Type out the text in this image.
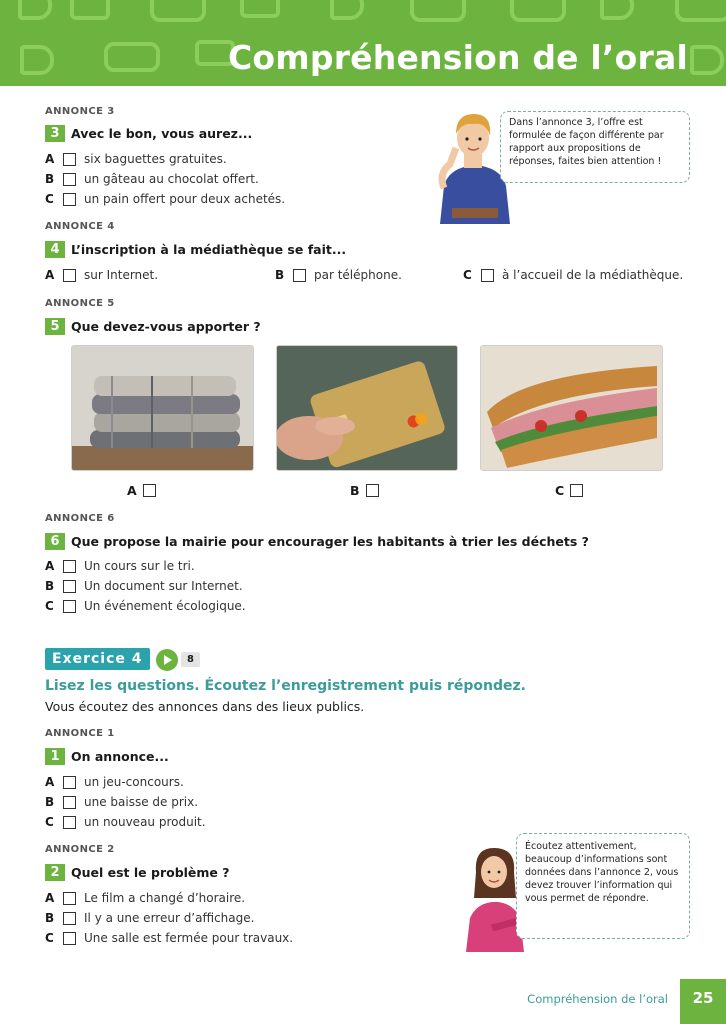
Compréhension de l’oral
ANNONCE 3
3 Avec le bon, vous aurez...
A	six baguettes gratuites.
B	un gâteau au chocolat offert.
C	un pain offert pour deux achetés.
Dans l’annonce 3, l’offre est formulée de façon différente par rapport aux propositions de réponses, faites bien attention !
ANNONCE 4
4 L’inscription à la médiathèque se fait...
A	sur Internet.	B	par téléphone.	C	à l’accueil de la médiathèque.
ANNONCE 5
5 Que devez-vous apporter ?
A	B	C
ANNONCE 6
6 Que propose la mairie pour encourager les habitants à trier les déchets ?
A	Un cours sur le tri.
B	Un document sur Internet.
C	Un événement écologique.
Exercice 4	8
Lisez les questions. Écoutez l’enregistrement puis répondez.
Vous écoutez des annonces dans des lieux publics.
ANNONCE 1
1 On annonce...
A	un jeu-concours.
B	une baisse de prix.
C	un nouveau produit.
ANNONCE 2
2 Quel est le problème ?
A	Le film a changé d’horaire.
B	Il y a une erreur d’affichage.
C	Une salle est fermée pour travaux.
Écoutez attentivement, beaucoup d’informations sont données dans l’annonce 2, vous devez trouver l’information qui vous permet de répondre.
Compréhension de l’oral	25
